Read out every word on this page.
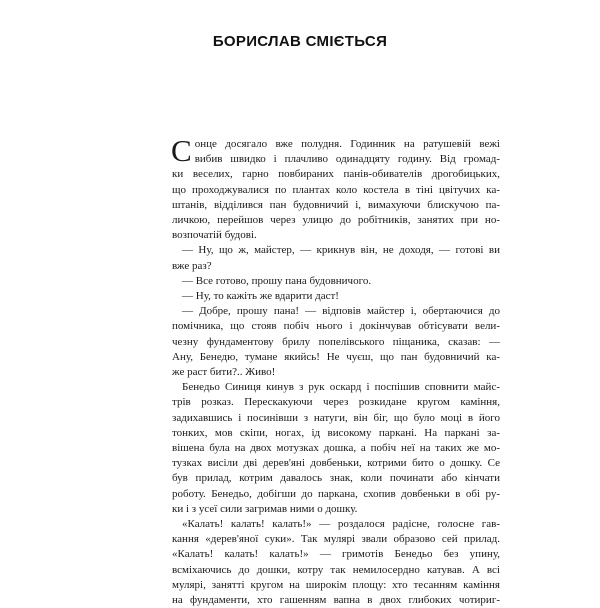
БОРИСЛАВ СМІЄТЬСЯ
С онце досягало вже полудня. Годинник на ратушевій вежі

вибив швидко і плачливо одинадцяту годину. Від громад-

ки веселих, гарно повбираних панів-обивателів дрогобицьких,

що проходжувалися по плантах коло костела в тіні цвітучих ка-

штанів, відділився пан будовничий і, вимахуючи блискучою па-

личкою, перейшов через улицю до робітників, занятих при но-

возпочатій будові.

— Ну, що ж, майстер, — крикнув він, не доходя, — готові ви

вже раз?

— Все готово, прошу пана будовничого.

— Ну, то кажіть же вдарити даст!

— Добре, прошу пана! — відповів майстер і, обертаючися до

помічника, що стояв побіч нього і докінчував обтісувати вели-

чезну фундаментову брилу попелівського піщаника, сказав: —

Ану, Бенедю, тумане якийсь! Не чуєш, що пан будовничий ка-

же раст бити?.. Живо!

Бенедьо Синиця кинув з рук оскард і поспішив сповнити майс-

трів розказ. Перескакуючи через розкидане кругом каміння,

задихавшись і посинівши з натуги, він біг, що було моці в його

тонких, мов скіпи, ногах, ід високому паркані. На паркані за-

вішена була на двох мотузках дошка, а побіч неї на таких же мо-

тузках висіли дві дерев'яні довбеньки, котрими бито о дошку. Се

був прилад, котрим давалось знак, коли починати або кінчати

роботу. Бенедьо, добігши до паркана, схопив довбеньки в обі ру-

ки і з усеї сили загримав ними о дошку.

«Калать! калать! калать!» — роздалося радісне, голосне гав-

кання «дерев'яної суки». Так мулярі звали образово сей прилад.

«Калать! калать! калать!» — гримотів Бенедьо без упину,

всміхаючись до дошки, котру так немилосердно катував. А всі

мулярі, занятті кругом на широкім площу: хто тесанням каміння

на фундаменти, хто гашенням вапна в двох глибоких чотириг-
